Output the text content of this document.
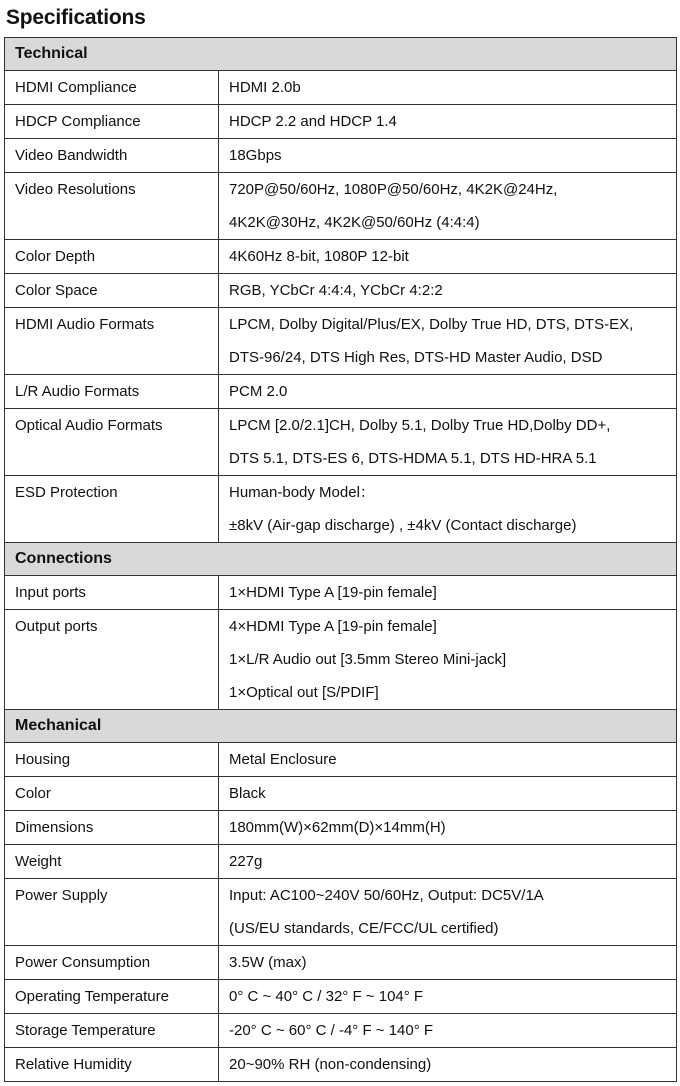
Specifications
Technical	
HDMI Compliance	HDMI 2.0b

HDCP Compliance	HDCP 2.2 and HDCP 1.4

Video Bandwidth	18Gbps

Video Resolutions	720P@50/60Hz, 1080P@50/60Hz, 4K2K@24Hz,
4K2K@30Hz, 4K2K@50/60Hz (4:4:4)

Color Depth	4K60Hz 8-bit, 1080P 12-bit

Color Space	RGB, YCbCr 4:4:4, YCbCr 4:2:2

HDMI Audio Formats	LPCM, Dolby Digital/Plus/EX, Dolby True HD, DTS, DTS-EX,
DTS-96/24, DTS High Res, DTS-HD Master Audio, DSD

L/R Audio Formats	PCM 2.0

Optical Audio Formats	LPCM [2.0/2.1]CH, Dolby 5.1, Dolby True HD,Dolby DD+,
DTS 5.1, DTS-ES 6, DTS-HDMA 5.1, DTS HD-HRA 5.1

ESD Protection	Human-body Model：
±8kV (Air-gap discharge) , ±4kV (Contact discharge)

Connections	
Input ports	1×HDMI Type A [19-pin female]

Output ports	4×HDMI Type A [19-pin female]
1×L/R Audio out [3.5mm Stereo Mini-jack]
1×Optical out [S/PDIF]

Mechanical	
Housing	Metal Enclosure

Color	Black

Dimensions	180mm(W)×62mm(D)×14mm(H)

Weight	227g

Power Supply	Input: AC100~240V 50/60Hz, Output: DC5V/1A
(US/EU standards, CE/FCC/UL certified)

Power Consumption	3.5W (max)

Operating Temperature	0° C ~ 40° C / 32° F ~ 104° F

Storage Temperature	-20° C ~ 60° C / -4° F ~ 140° F

Relative Humidity	20~90% RH (non-condensing)
